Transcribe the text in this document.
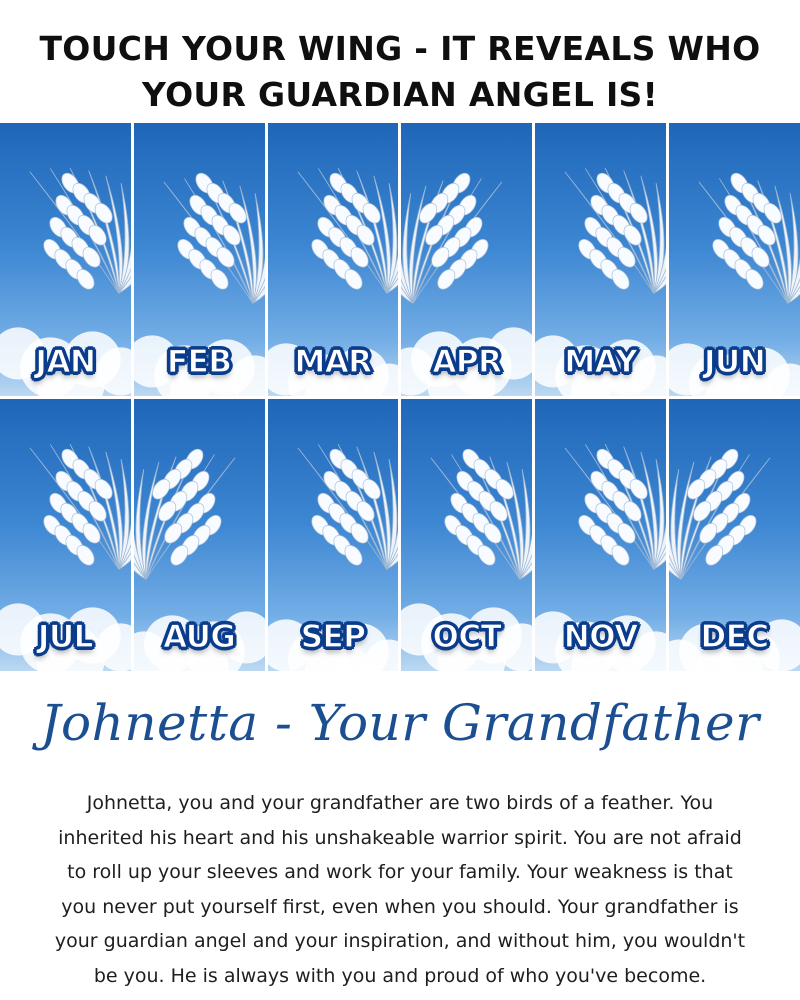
TOUCH YOUR WING - IT REVEALS WHO
YOUR GUARDIAN ANGEL IS!
JAN	FEB	MAR	APR	MAY	JUN
JUL	AUG	SEP	OCT	NOV	DEC
Johnetta - Your Grandfather
Johnetta, you and your grandfather are two birds of a feather. You
inherited his heart and his unshakeable warrior spirit. You are not afraid
to roll up your sleeves and work for your family. Your weakness is that
you never put yourself first, even when you should. Your grandfather is
your guardian angel and your inspiration, and without him, you wouldn't
be you. He is always with you and proud of who you've become.
